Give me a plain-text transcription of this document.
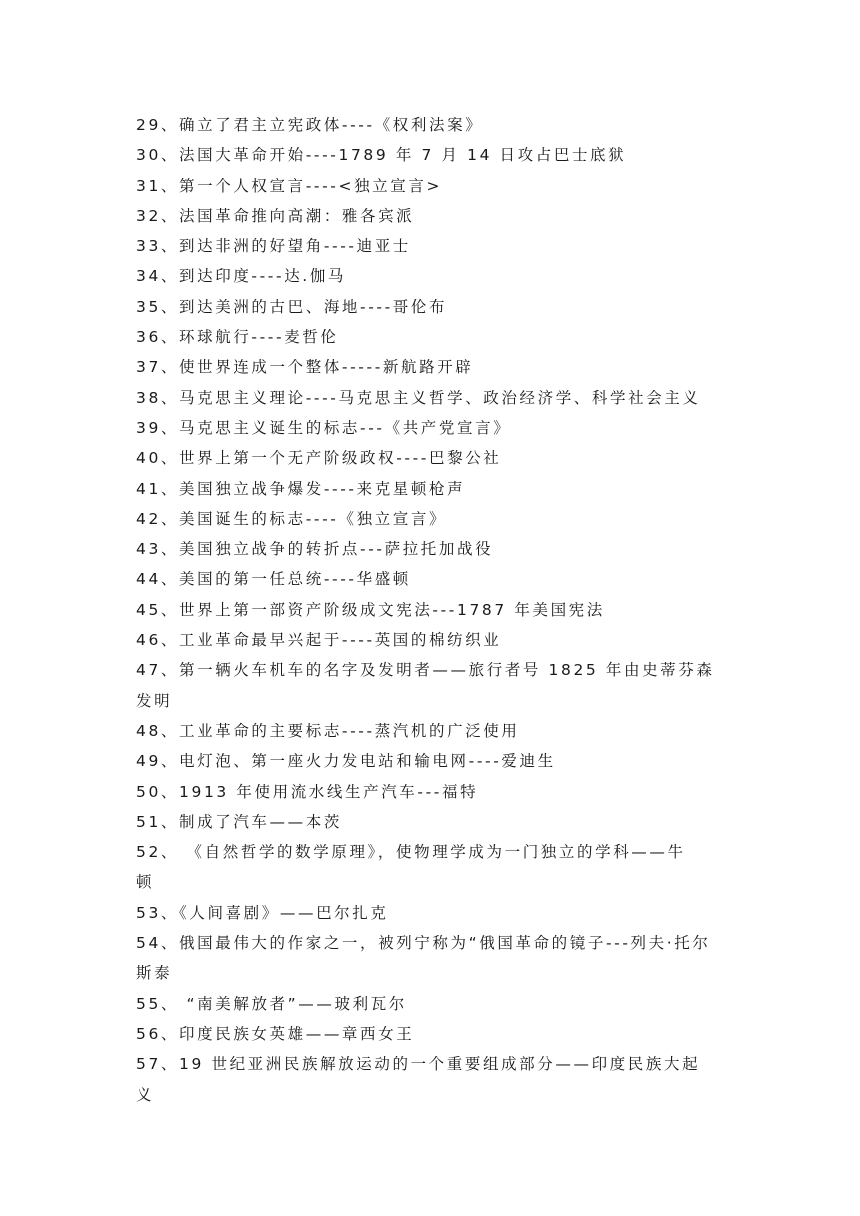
29、确立了君主立宪政体----《权利法案》
30、法国大革命开始----1789 年 7 月 14 日攻占巴士底狱
31、第一个人权宣言----<独立宣言>
32、法国革命推向高潮：雅各宾派
33、到达非洲的好望角----迪亚士
34、到达印度----达.伽马
35、到达美洲的古巴、海地----哥伦布
36、环球航行----麦哲伦
37、使世界连成一个整体-----新航路开辟
38、马克思主义理论----马克思主义哲学、政治经济学、科学社会主义
39、马克思主义诞生的标志---《共产党宣言》
40、世界上第一个无产阶级政权----巴黎公社
41、美国独立战争爆发----来克星顿枪声
42、美国诞生的标志----《独立宣言》
43、美国独立战争的转折点---萨拉托加战役
44、美国的第一任总统----华盛顿
45、世界上第一部资产阶级成文宪法---1787 年美国宪法
46、工业革命最早兴起于----英国的棉纺织业
47、第一辆火车机车的名字及发明者——旅行者号 1825 年由史蒂芬森
发明
48、工业革命的主要标志----蒸汽机的广泛使用
49、电灯泡、第一座火力发电站和输电网----爱迪生
50、1913 年使用流水线生产汽车---福特
51、制成了汽车——本茨
52、 《自然哲学的数学原理》，使物理学成为一门独立的学科——牛
顿
53、《人间喜剧》——巴尔扎克
54、俄国最伟大的作家之一，被列宁称为“俄国革命的镜子---列夫·托尔
斯泰
55、 “南美解放者”——玻利瓦尔
56、印度民族女英雄——章西女王
57、19 世纪亚洲民族解放运动的一个重要组成部分——印度民族大起
义
